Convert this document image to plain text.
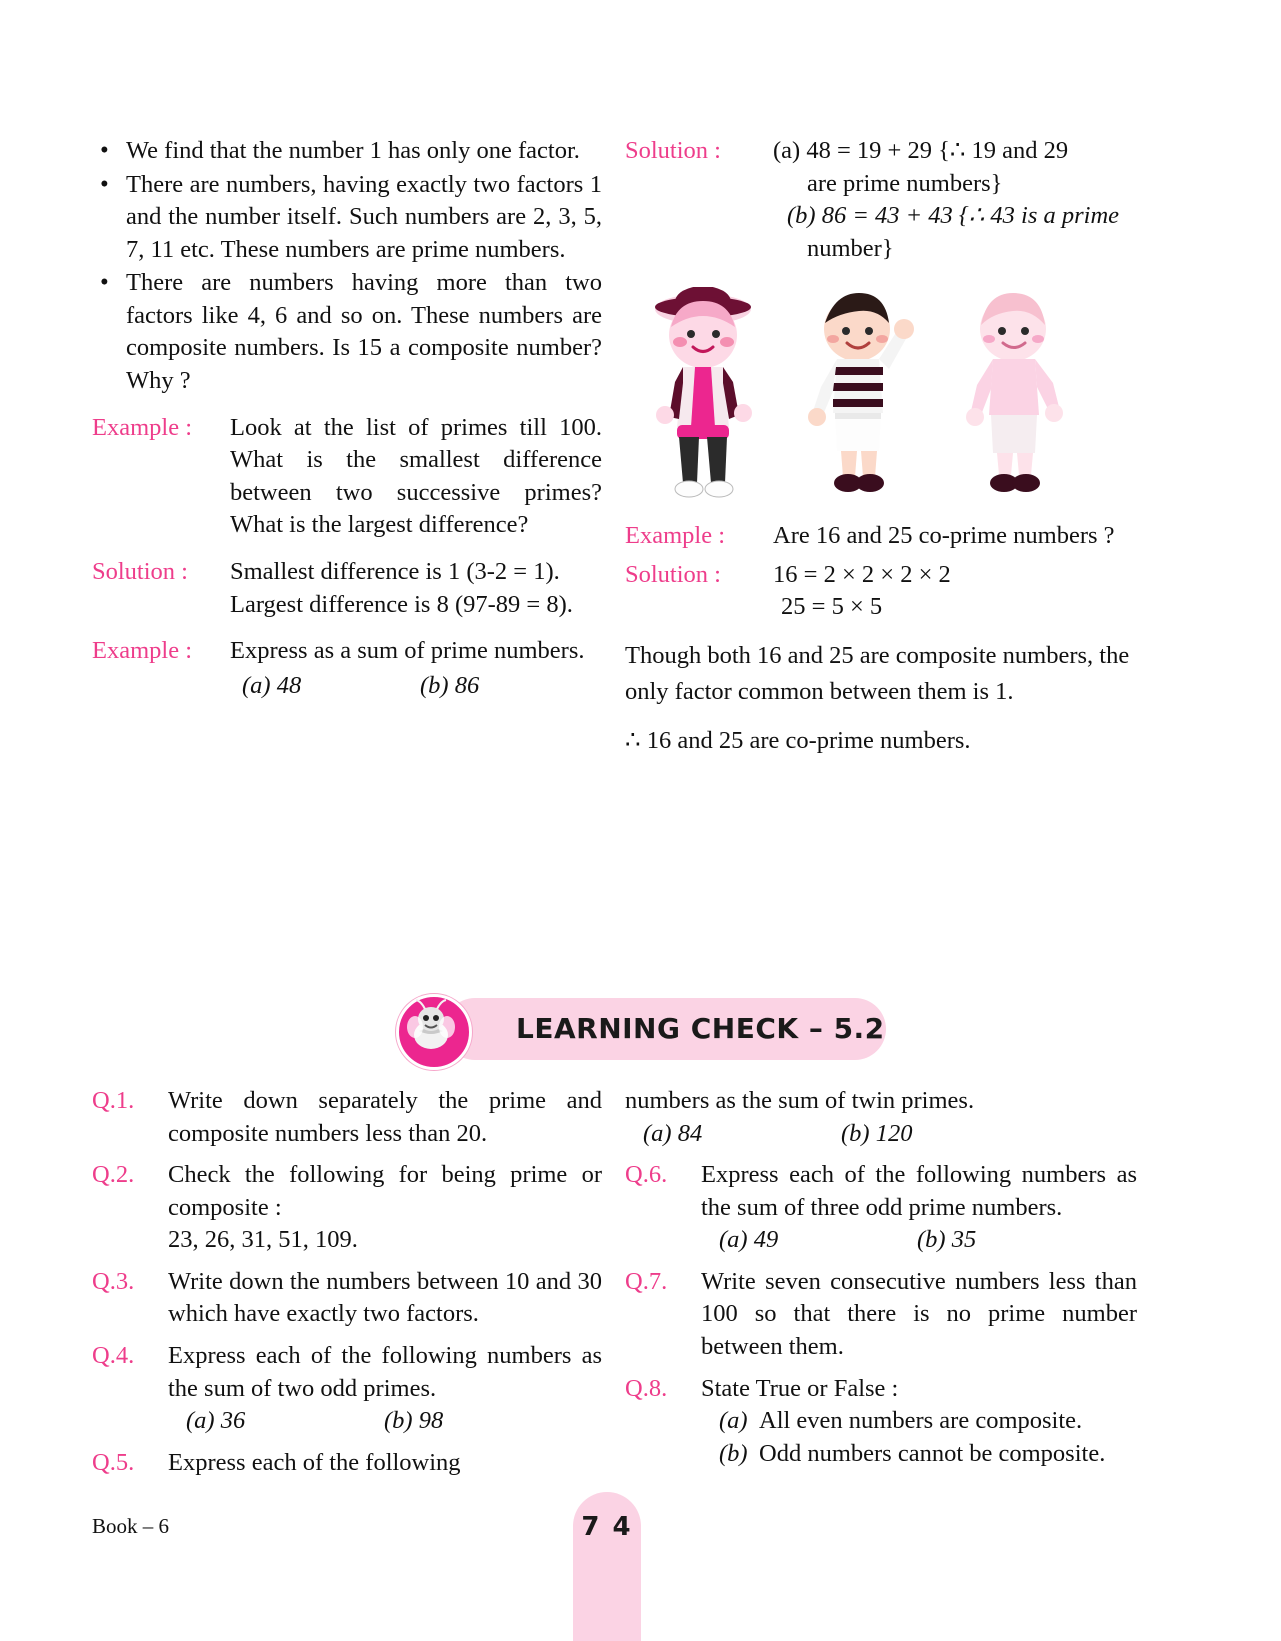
• We find that the number 1 has only one factor.
• There are numbers, having exactly two factors 1 and the number itself. Such numbers are 2, 3, 5, 7, 11 etc. These numbers are prime numbers.
• There are numbers having more than two factors like 4, 6 and so on. These numbers are composite numbers. Is 15 a composite number? Why ?
Example :	Look at the list of primes till 100. What is the smallest difference between two successive primes? What is the largest difference?
Solution :	Smallest difference is 1 (3-2 = 1).

Largest difference is 8 (97-89 = 8).

Example :	Express as a sum of prime numbers.

(a) 48	(b) 86
Solution :	(a) 48 = 19 + 29 {∴ 19 and 29
are prime numbers}
(b) 86 = 43 + 43 {∴ 43 is a prime
number}
Example :	Are 16 and 25 co-prime numbers ?
Solution :	16 = 2 × 2 × 2 × 2
25 = 5 × 5

Though both 16 and 25 are composite numbers, the only factor common between them is 1.

∴ 16 and 25 are co-prime numbers.

LEARNING CHECK – 5.2
Q.1.	Write down separately the prime and composite numbers less than 20.
Q.2.	Check the following for being prime or composite :

23, 26, 31, 51, 109.

Q.3.	Write down the numbers between 10 and 30 which have exactly two factors.
Q.4.	Express each of the following numbers as the sum of two odd primes.

(a) 36	(b) 98
Q.5.	Express each of the following

numbers as the sum of twin primes.

(a) 84	(b) 120
Q.6.	Express each of the following numbers as the sum of three odd prime numbers.

(a) 49	(b) 35
Q.7.	Write seven consecutive numbers less than 100 so that there is no prime number between them.
Q.8.	State True or False :

(a) All even numbers are composite.
(b) Odd numbers cannot be composite.
Book – 6	7 4
